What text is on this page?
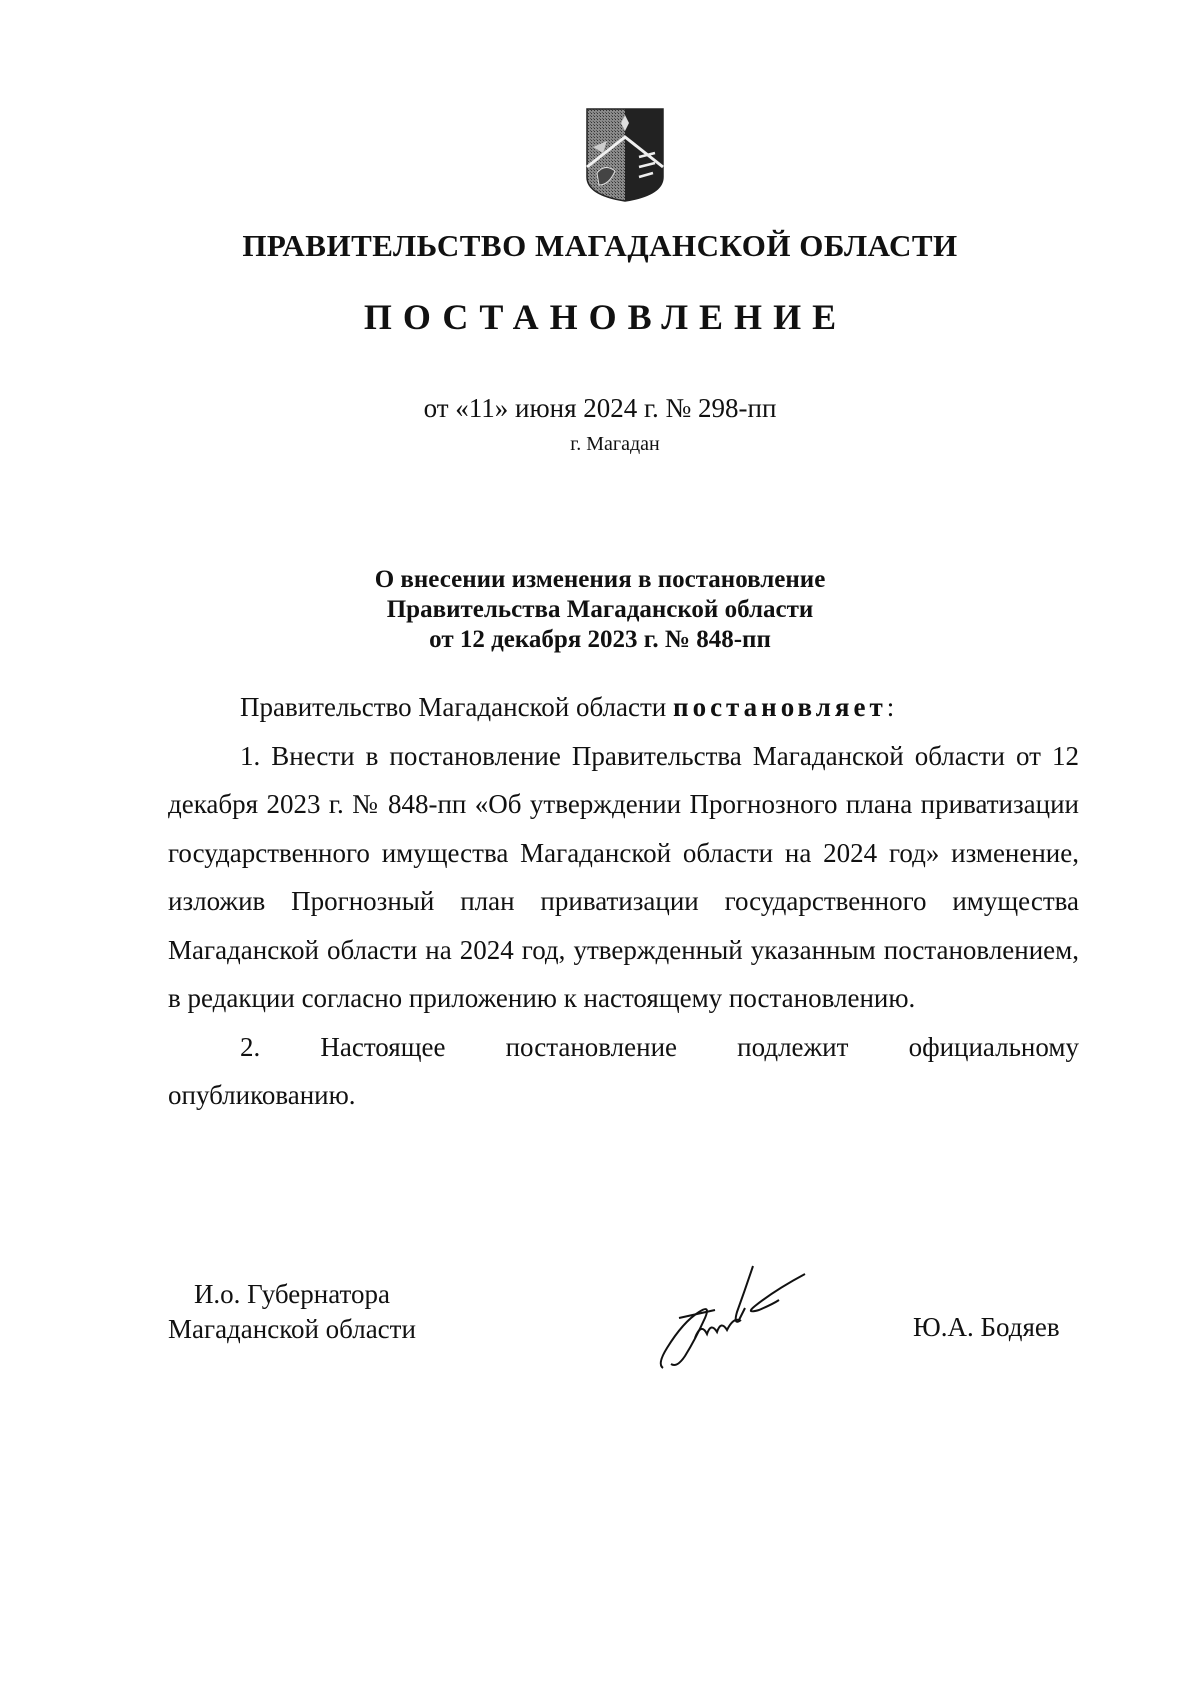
ПРАВИТЕЛЬСТВО МАГАДАНСКОЙ ОБЛАСТИ
ПОСТАНОВЛЕНИЕ
от «11» июня 2024 г. № 298-пп
г. Магадан
О внесении изменения в постановление
Правительства Магаданской области
от 12 декабря 2023 г. № 848-пп
Правительство Магаданской области постановляет:
1. Внести в постановление Правительства Магаданской области от 12 декабря 2023 г. № 848-пп «Об утверждении Прогнозного плана приватизации государственного имущества Магаданской области на 2024 год» изменение, изложив Прогнозный план приватизации государственного имущества Магаданской области на 2024 год, утвержденный указанным постановлением, в редакции согласно приложению к настоящему постановлению.
2. Настоящее постановление подлежит официальному
опубликованию.
И.о. Губернатора
Магаданской области	Ю.А. Бодяев
